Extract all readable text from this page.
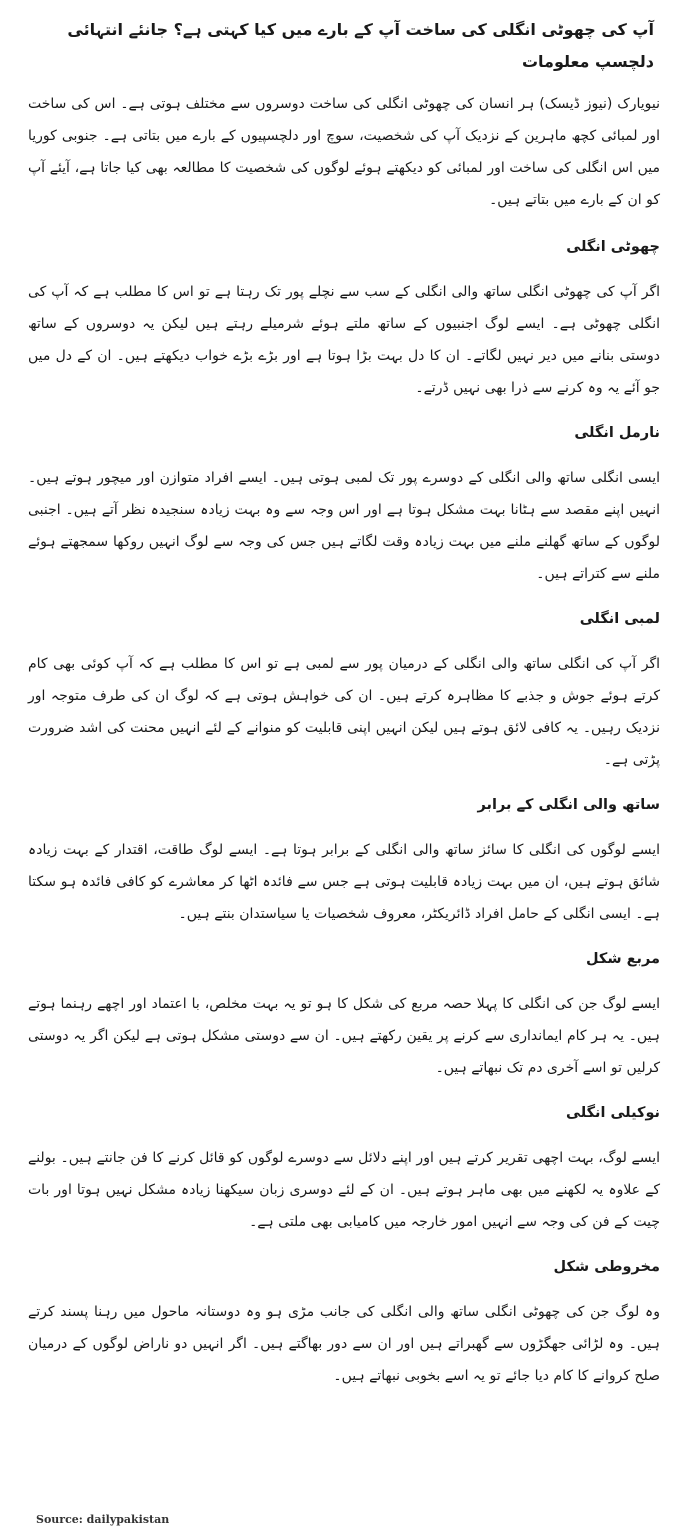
آپ کی چھوٹی انگلی کی ساخت آپ کے بارے میں کیا کہتی ہے؟ جانئے انتہائی دلچسپ معلومات
نیویارک (نیوز ڈیسک) ہر انسان کی چھوٹی انگلی کی ساخت دوسروں سے مختلف ہوتی ہے۔ اس کی ساخت اور لمبائی کچھ ماہرین کے نزدیک آپ کی شخصیت، سوچ اور دلچسپیوں کے بارے میں بتاتی ہے۔ جنوبی کوریا میں اس انگلی کی ساخت اور لمبائی کو دیکھتے ہوئے لوگوں کی شخصیت کا مطالعہ بھی کیا جاتا ہے، آیئے آپ کو ان کے بارے میں بتاتے ہیں۔
چھوٹی انگلی
اگر آپ کی چھوٹی انگلی ساتھ والی انگلی کے سب سے نچلے پور تک رہتا ہے تو اس کا مطلب ہے کہ آپ کی انگلی چھوٹی ہے۔ ایسے لوگ اجنبیوں کے ساتھ ملتے ہوئے شرمیلے رہتے ہیں لیکن یہ دوسروں کے ساتھ دوستی بنانے میں دیر نہیں لگاتے۔ ان کا دل بہت بڑا ہوتا ہے اور بڑے بڑے خواب دیکھتے ہیں۔ ان کے دل میں جو آئے یہ وہ کرنے سے ذرا بھی نہیں ڈرتے۔
نارمل انگلی
ایسی انگلی ساتھ والی انگلی کے دوسرے پور تک لمبی ہوتی ہیں۔ ایسے افراد متوازن اور میچور ہوتے ہیں۔ انہیں اپنے مقصد سے ہٹانا بہت مشکل ہوتا ہے اور اس وجہ سے وہ بہت زیادہ سنجیدہ نظر آتے ہیں۔ اجنبی لوگوں کے ساتھ گھلنے ملنے میں بہت زیادہ وقت لگاتے ہیں جس کی وجہ سے لوگ انہیں روکھا سمجھتے ہوئے ملنے سے کتراتے ہیں۔
لمبی انگلی
اگر آپ کی انگلی ساتھ والی انگلی کے درمیان پور سے لمبی ہے تو اس کا مطلب ہے کہ آپ کوئی بھی کام کرتے ہوئے جوش و جذبے کا مظاہرہ کرتے ہیں۔ ان کی خواہش ہوتی ہے کہ لوگ ان کی طرف متوجہ اور نزدیک رہیں۔ یہ کافی لائق ہوتے ہیں لیکن انہیں اپنی قابلیت کو منوانے کے لئے انہیں محنت کی اشد ضرورت پڑتی ہے۔
ساتھ والی انگلی کے برابر
ایسے لوگوں کی انگلی کا سائز ساتھ والی انگلی کے برابر ہوتا ہے۔ ایسے لوگ طاقت، اقتدار کے بہت زیادہ شائق ہوتے ہیں، ان میں بہت زیادہ قابلیت ہوتی ہے جس سے فائدہ اٹھا کر معاشرے کو کافی فائدہ ہو سکتا ہے۔ ایسی انگلی کے حامل افراد ڈائریکٹر، معروف شخصیات یا سیاستدان بنتے ہیں۔
مربع شکل
ایسے لوگ جن کی انگلی کا پہلا حصہ مربع کی شکل کا ہو تو یہ بہت مخلص، با اعتماد اور اچھے رہنما ہوتے ہیں۔ یہ ہر کام ایمانداری سے کرنے پر یقین رکھتے ہیں۔ ان سے دوستی مشکل ہوتی ہے لیکن اگر یہ دوستی کرلیں تو اسے آخری دم تک نبھاتے ہیں۔
نوکیلی انگلی
ایسے لوگ، بہت اچھی تقریر کرتے ہیں اور اپنے دلائل سے دوسرے لوگوں کو قائل کرنے کا فن جانتے ہیں۔ بولنے کے علاوہ یہ لکھنے میں بھی ماہر ہوتے ہیں۔ ان کے لئے دوسری زبان سیکھنا زیادہ مشکل نہیں ہوتا اور بات چیت کے فن کی وجہ سے انہیں امور خارجہ میں کامیابی بھی ملتی ہے۔
مخروطی شکل
وہ لوگ جن کی چھوٹی انگلی ساتھ والی انگلی کی جانب مڑی ہو وہ دوستانہ ماحول میں رہنا پسند کرتے ہیں۔ وہ لڑائی جھگڑوں سے گھبراتے ہیں اور ان سے دور بھاگتے ہیں۔ اگر انہیں دو ناراض لوگوں کے درمیان صلح کروانے کا کام دیا جائے تو یہ اسے بخوبی نبھاتے ہیں۔
Source: dailypakistan
